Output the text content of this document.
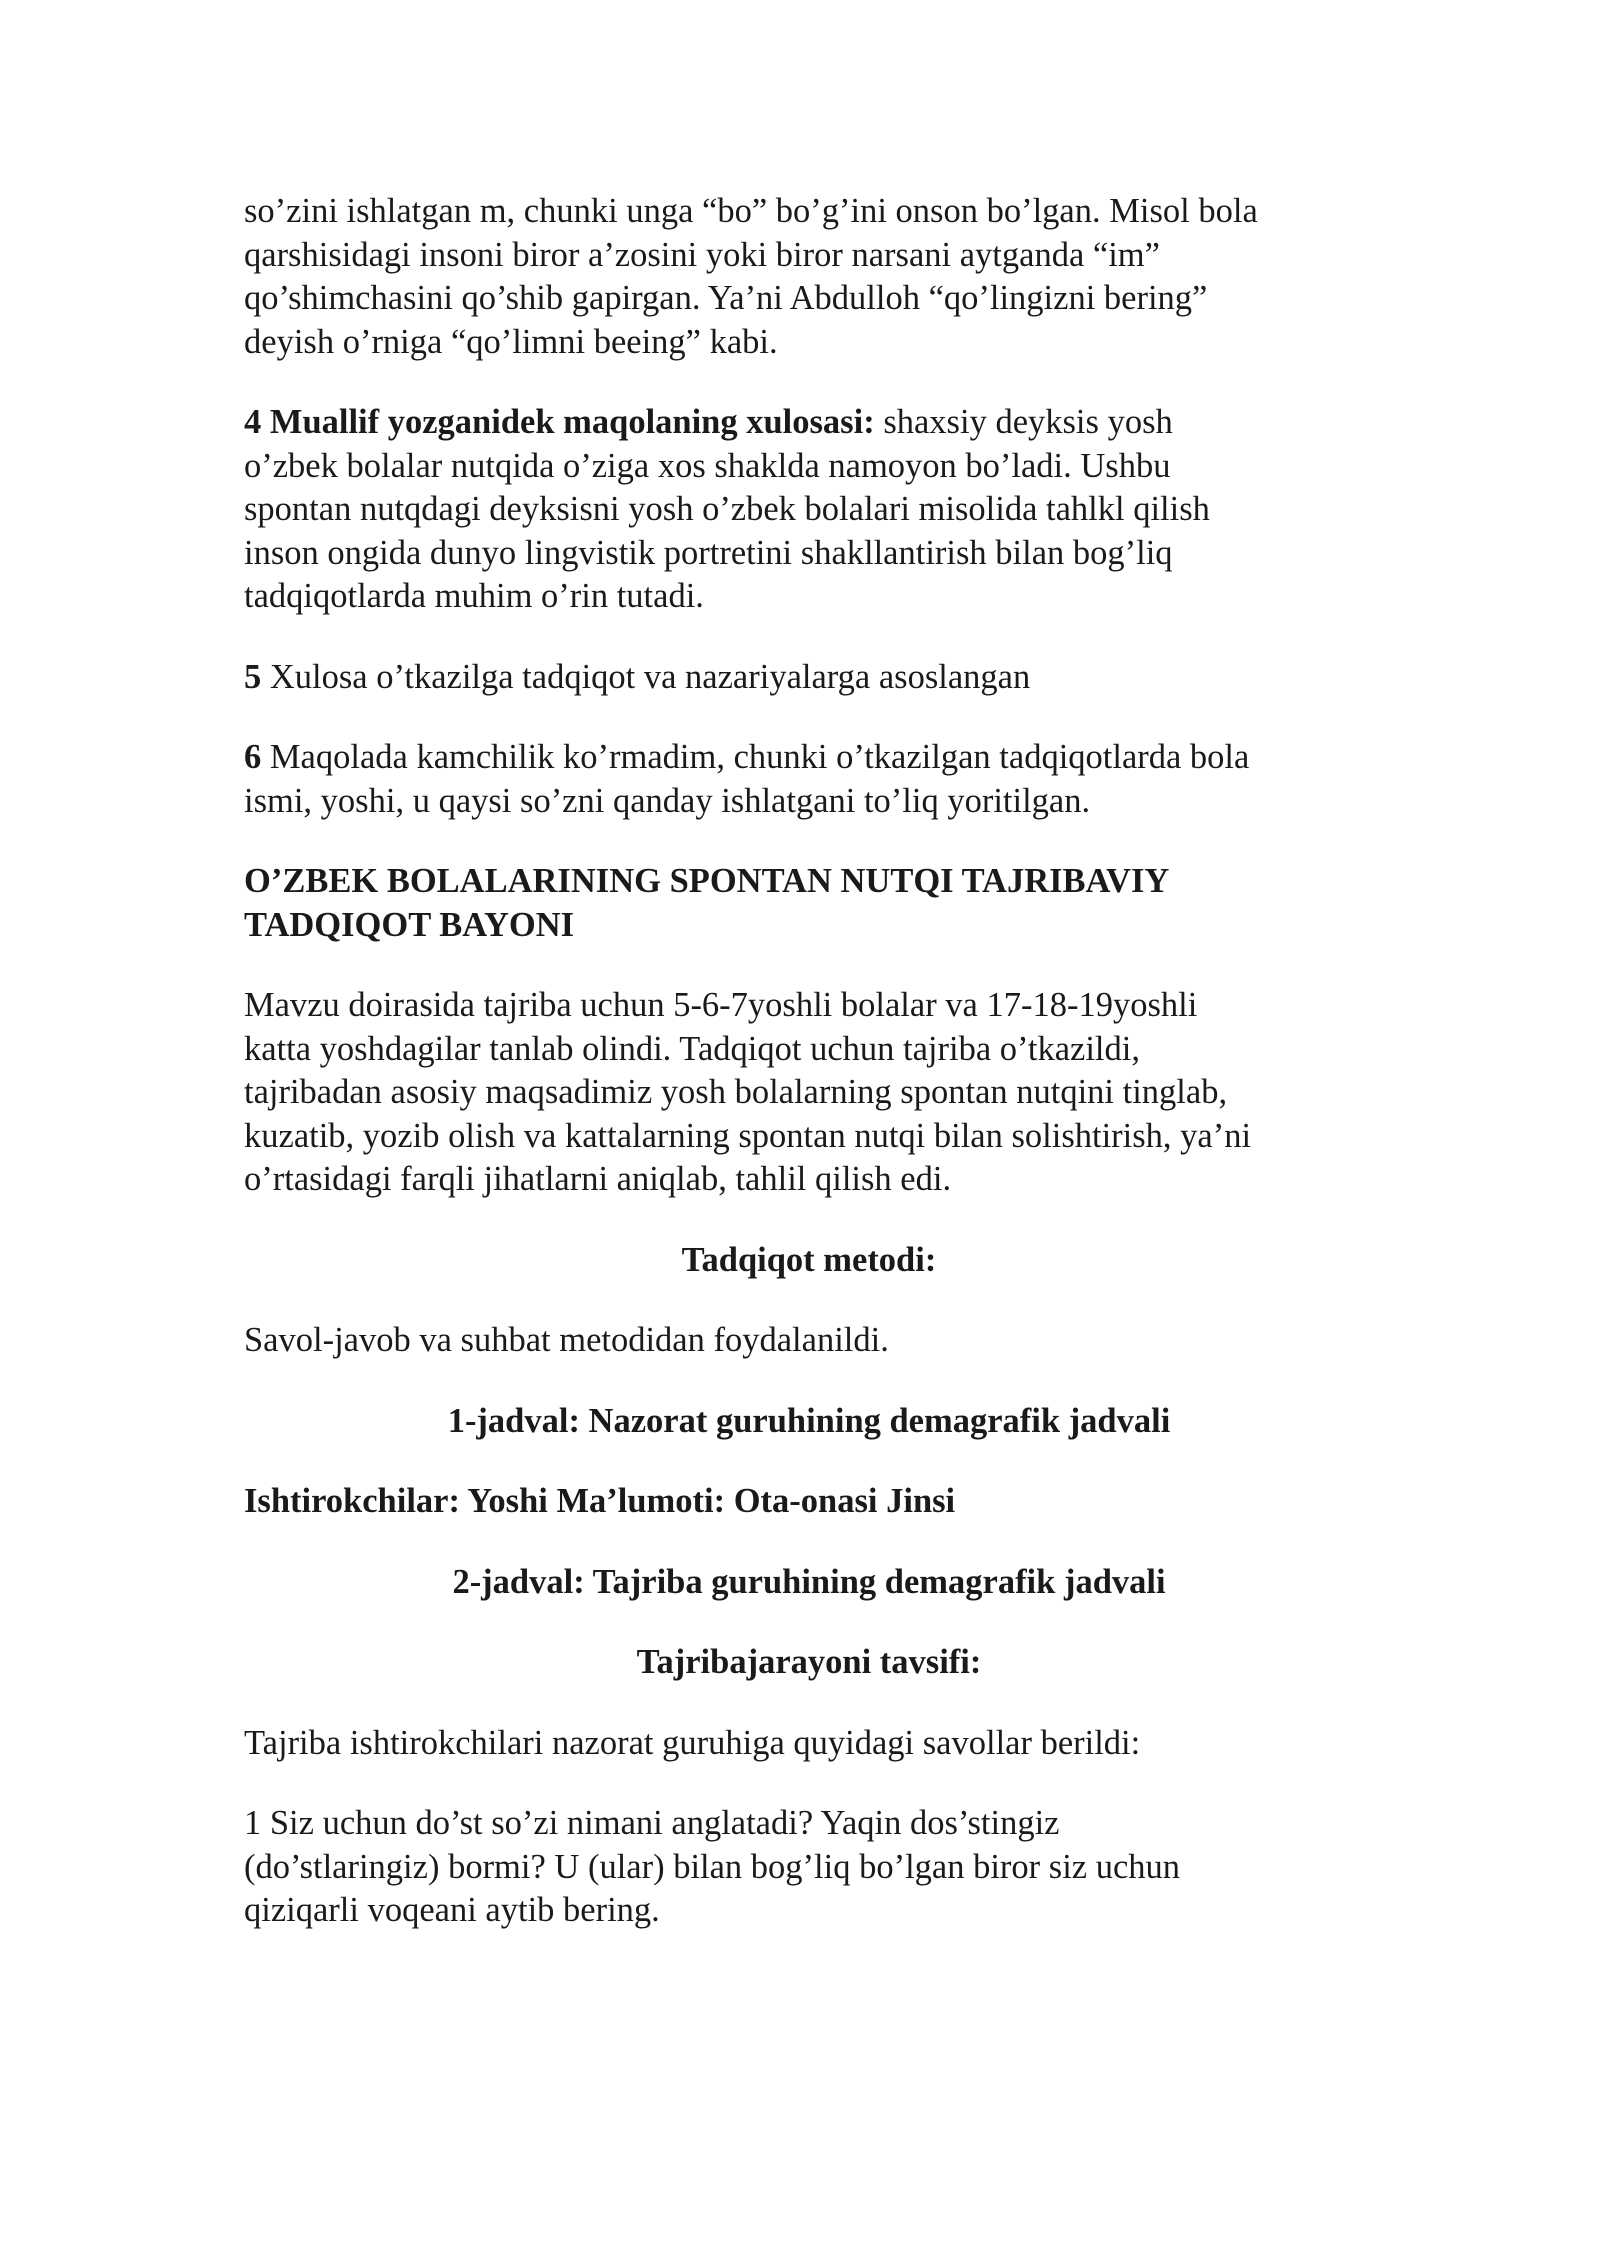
so’zini ishlatgan m, chunki unga “bo” bo’g’ini onson bo’lgan. Misol bola
qarshisidagi insoni biror a’zosini yoki biror narsani aytganda “im”
qo’shimchasini qo’shib gapirgan. Ya’ni Abdulloh “qo’lingizni bering”
deyish o’rniga “qo’limni beeing” kabi.

4 Muallif yozganidek maqolaning xulosasi: shaxsiy deyksis yosh
o’zbek bolalar nutqida o’ziga xos shaklda namoyon bo’ladi. Ushbu
spontan nutqdagi deyksisni yosh o’zbek bolalari misolida tahlkl qilish
inson ongida dunyo lingvistik portretini shakllantirish bilan bog’liq
tadqiqotlarda muhim o’rin tutadi.

5 Xulosa o’tkazilga tadqiqot va nazariyalarga asoslangan

6 Maqolada kamchilik ko’rmadim, chunki o’tkazilgan tadqiqotlarda bola
ismi, yoshi, u qaysi so’zni qanday ishlatgani to’liq yoritilgan.

O’ZBEK BOLALARINING SPONTAN NUTQI TAJRIBAVIY
TADQIQOT BAYONI

Mavzu doirasida tajriba uchun 5-6-7yoshli bolalar va 17-18-19yoshli
katta yoshdagilar tanlab olindi. Tadqiqot uchun tajriba o’tkazildi,
tajribadan asosiy maqsadimiz yosh bolalarning spontan nutqini tinglab,
kuzatib, yozib olish va kattalarning spontan nutqi bilan solishtirish, ya’ni
o’rtasidagi farqli jihatlarni aniqlab, tahlil qilish edi.

Tadqiqot metodi:

Savol-javob va suhbat metodidan foydalanildi.

1-jadval: Nazorat guruhining demagrafik jadvali

Ishtirokchilar: Yoshi Ma’lumoti: Ota-onasi Jinsi

2-jadval: Tajriba guruhining demagrafik jadvali

Tajribajarayoni tavsifi:

Tajriba ishtirokchilari nazorat guruhiga quyidagi savollar berildi:

1 Siz uchun do’st so’zi nimani anglatadi? Yaqin dos’stingiz
(do’stlaringiz) bormi? U (ular) bilan bog’liq bo’lgan biror siz uchun
qiziqarli voqeani aytib bering.
